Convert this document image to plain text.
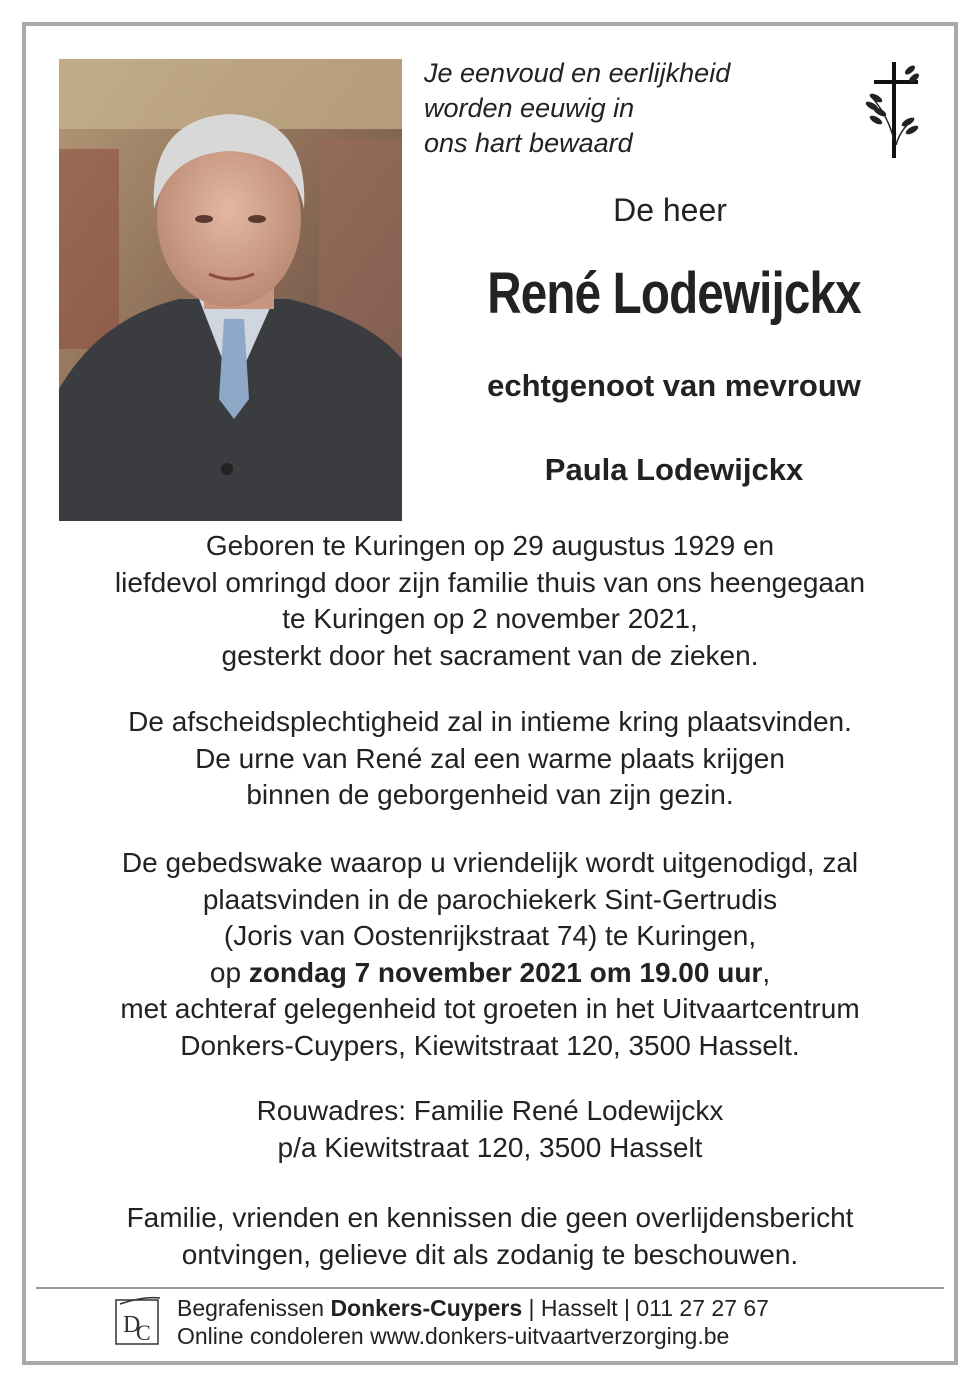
Je eenvoud en eerlijkheid
worden eeuwig in
ons hart bewaard
De heer
René Lodewijckx
echtgenoot van mevrouw
Paula Lodewijckx
Geboren te Kuringen op 29 augustus 1929 en
liefdevol omringd door zijn familie thuis van ons heengegaan
te Kuringen op 2 november 2021,
gesterkt door het sacrament van de zieken.
De afscheidsplechtigheid zal in intieme kring plaatsvinden.
De urne van René zal een warme plaats krijgen
binnen de geborgenheid van zijn gezin.
De gebedswake waarop u vriendelijk wordt uitgenodigd, zal
plaatsvinden in de parochiekerk Sint-Gertrudis
(Joris van Oostenrijkstraat 74) te Kuringen,
op zondag 7 november 2021 om 19.00 uur,
met achteraf gelegenheid tot groeten in het Uitvaartcentrum
Donkers-Cuypers, Kiewitstraat 120, 3500 Hasselt.
Rouwadres: Familie René Lodewijckx
p/a Kiewitstraat 120, 3500 Hasselt
Familie, vrienden en kennissen die geen overlijdensbericht
ontvingen, gelieve dit als zodanig te beschouwen.
D
C
Begrafenissen Donkers-Cuypers | Hasselt | 011 27 27 67
Online condoleren www.donkers-uitvaartverzorging.be
